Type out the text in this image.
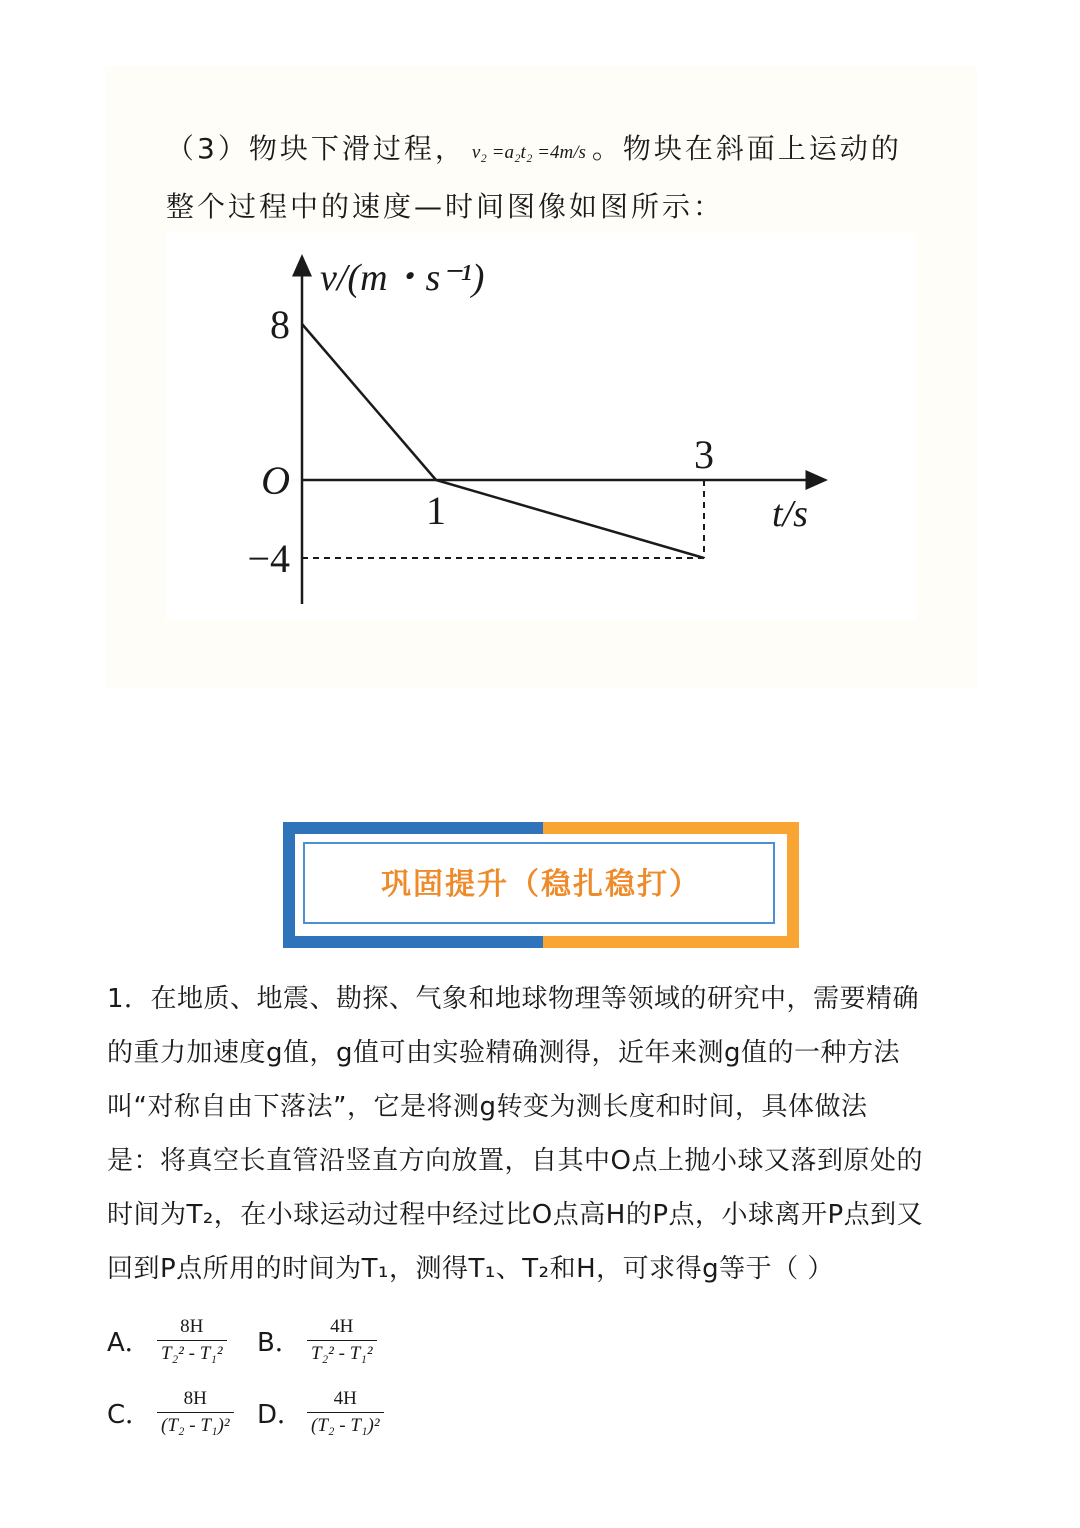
（3）物块下滑过程， v₂ =a₂t₂ =4m/s 。物块在斜面上运动的
整个过程中的速度—时间图像如图所示：
8
O
−4
1
3
t/s
v/(m・s⁻¹)
巩固提升（稳扎稳打）

1．在地质、地震、勘探、气象和地球物理等领域的研究中，需要精确

的重力加速度g值，g值可由实验精确测得，近年来测g值的一种方法

叫“对称自由下落法”，它是将测g转变为测长度和时间，具体做法

是：将真空长直管沿竖直方向放置，自其中O点上抛小球又落到原处的

时间为T₂，在小球运动过程中经过比O点高H的P点，小球离开P点到又

回到P点所用的时间为T₁，测得T₁、T₂和H，可求得g等于（ ）

A． $\frac{8H}{\text{T₂² - T₁²}}$ B． $\frac{4H}{\text{T₂² - T₁²}}$
C． $\frac{8H}{\text{(T₂ - T₁)²}}$ D． $\frac{4H}{\text{(T₂ - T₁)²}}$
